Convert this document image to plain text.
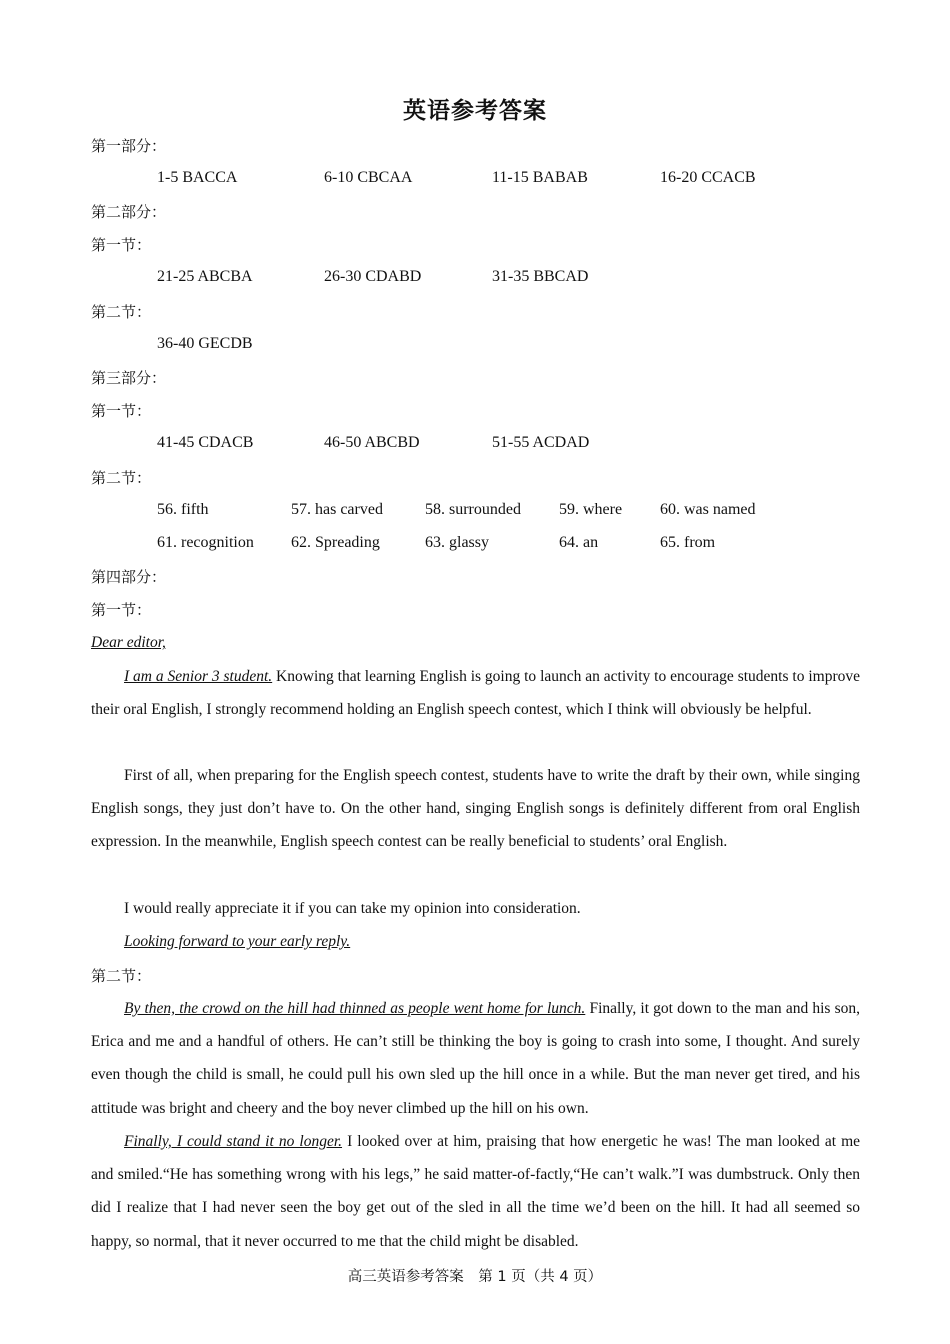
英语参考答案
第一部分：
1-5 BACCA	6-10 CBCAA	11-15 BABAB	16-20 CCACB
第二部分：
第一节：
21-25 ABCBA	26-30 CDABD	31-35 BBCAD
第二节：
36-40 GECDB
第三部分：
第一节：
41-45 CDACB	46-50 ABCBD	51-55 ACDAD
第二节：
56. fifth	57. has carved	58. surrounded 59. where 60. was named
61. recognition 62. Spreading	63. glassy	64. an	65. from
第四部分：
第一节：
Dear editor,

I am a Senior 3 student. Knowing that learning English is going to launch an activity to encourage students to improve their oral English, I strongly recommend holding an English speech contest, which I think will obviously be helpful.

First of all, when preparing for the English speech contest, students have to write the draft by their own, while singing English songs, they just don’t have to. On the other hand, singing English songs is definitely different from oral English expression. In the meanwhile, English speech contest can be really beneficial to students’ oral English.

I would really appreciate it if you can take my opinion into consideration.

Looking forward to your early reply.

第二节：

By then, the crowd on the hill had thinned as people went home for lunch. Finally, it got down to the man and his son, Erica and me and a handful of others. He can’t still be thinking the boy is going to crash into some, I thought. And surely even though the child is small, he could pull his own sled up the hill once in a while. But the man never get tired, and his attitude was bright and cheery and the boy never climbed up the hill on his own.

Finally, I could stand it no longer. I looked over at him, praising that how energetic he was! The man looked at me and smiled.“He has something wrong with his legs,” he said matter-of-factly,“He can’t walk.”I was dumbstruck. Only then did I realize that I had never seen the boy get out of the sled in all the time we’d been on the hill. It had all seemed so happy, so normal, that it never occurred to me that the child might be disabled.

高三英语参考答案　第 1 页（共 4 页）
